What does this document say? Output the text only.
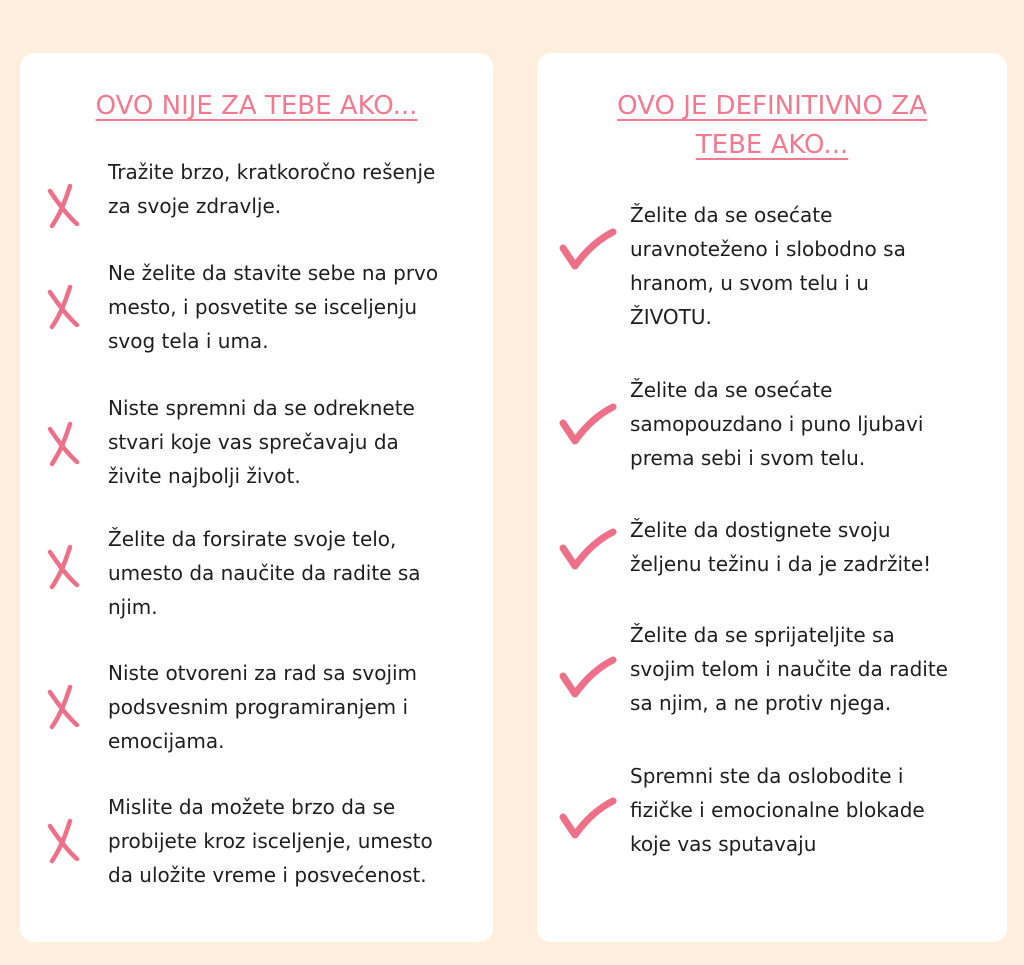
OVO NIJE ZA TEBE AKO...
Tražite brzo, kratkoročno rešenje
za svoje zdravlje.
Ne želite da stavite sebe na prvo
mesto, i posvetite se isceljenju
svog tela i uma.
Niste spremni da se odreknete
stvari koje vas sprečavaju da
živite najbolji život.
Želite da forsirate svoje telo,
umesto da naučite da radite sa
njim.
Niste otvoreni za rad sa svojim
podsvesnim programiranjem i
emocijama.
Mislite da možete brzo da se
probijete kroz isceljenje, umesto
da uložite vreme i posvećenost.
OVO JE DEFINITIVNO ZA
TEBE AKO...
Želite da se osećate
uravnoteženo i slobodno sa
hranom, u svom telu i u
ŽIVOTU.
Želite da se osećate
samopouzdano i puno ljubavi
prema sebi i svom telu.
Želite da dostignete svoju
željenu težinu i da je zadržite!
Želite da se sprijateljite sa
svojim telom i naučite da radite
sa njim, a ne protiv njega.
Spremni ste da oslobodite i
fizičke i emocionalne blokade
koje vas sputavaju
